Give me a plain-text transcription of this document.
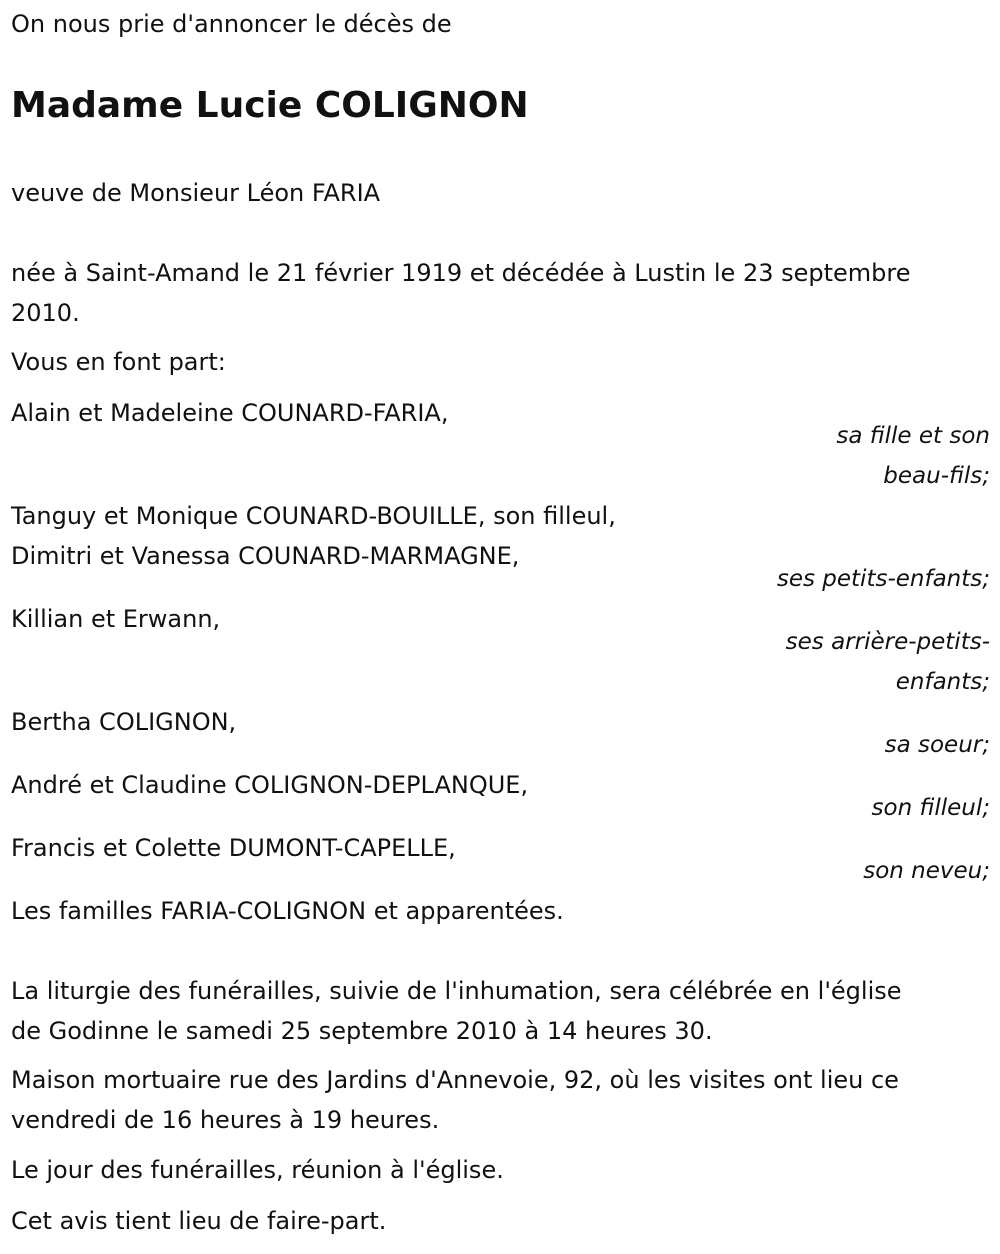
On nous prie d'annoncer le décès de

Madame Lucie COLIGNON

veuve de Monsieur Léon FARIA

née à Saint-Amand le 21 février 1919 et décédée à Lustin le 23 septembre

2010.

Vous en font part:

Alain et Madeleine COUNARD-FARIA,

sa fille et son

beau-fils;

Tanguy et Monique COUNARD-BOUILLE, son filleul,

Dimitri et Vanessa COUNARD-MARMAGNE,

ses petits-enfants;

Killian et Erwann,

ses arrière-petits-

enfants;

Bertha COLIGNON,

sa soeur;

André et Claudine COLIGNON-DEPLANQUE,

son filleul;

Francis et Colette DUMONT-CAPELLE,

son neveu;

Les familles FARIA-COLIGNON et apparentées.

La liturgie des funérailles, suivie de l'inhumation, sera célébrée en l'église

de Godinne le samedi 25 septembre 2010 à 14 heures 30.

Maison mortuaire rue des Jardins d'Annevoie, 92, où les visites ont lieu ce

vendredi de 16 heures à 19 heures.

Le jour des funérailles, réunion à l'église.

Cet avis tient lieu de faire-part.
